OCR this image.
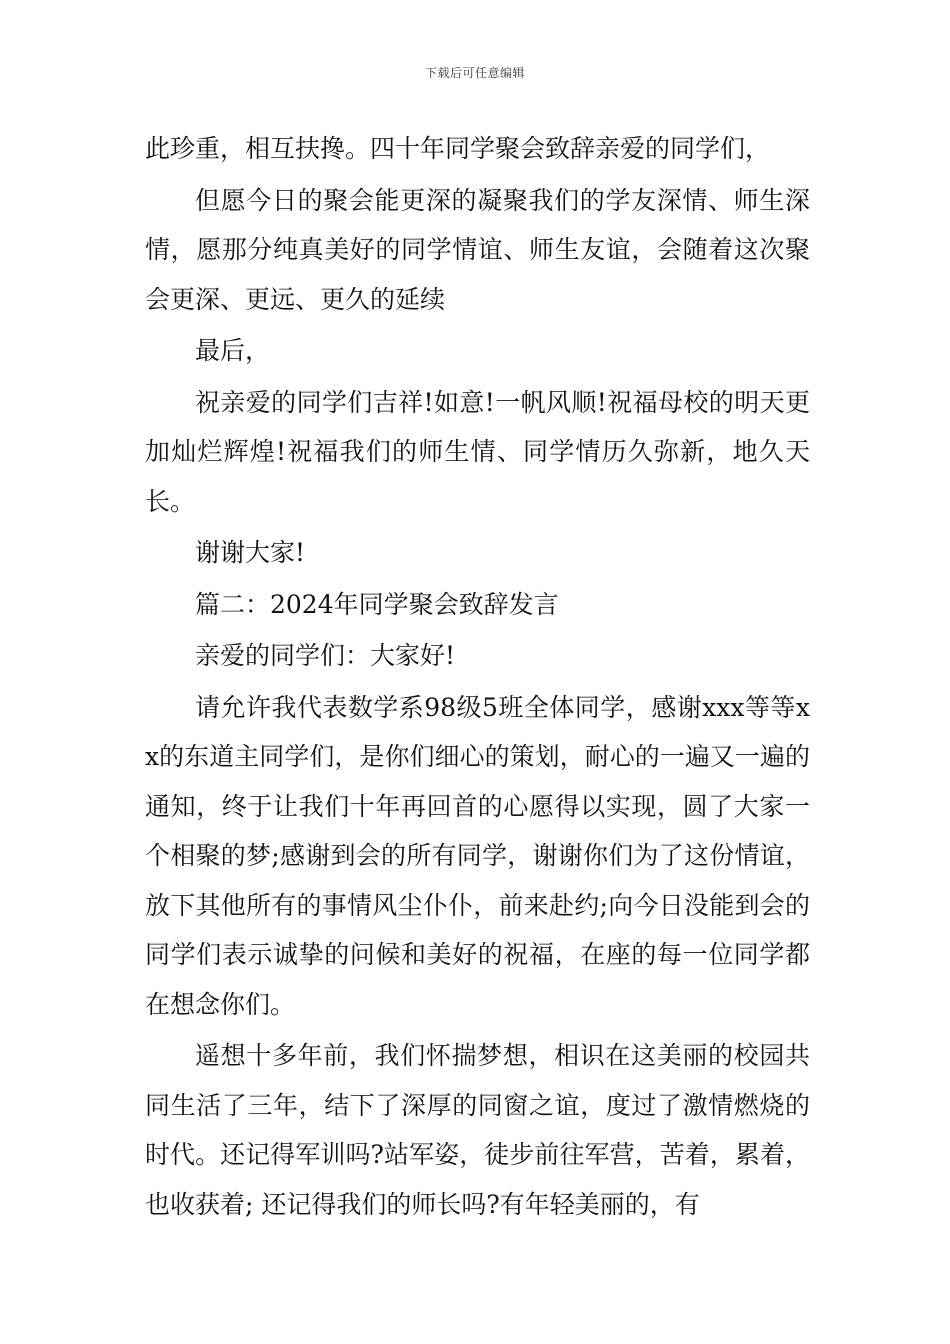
下载后可任意编辑

此珍重，相互扶搀。四十年同学聚会致辞亲爱的同学们，

但愿今日的聚会能更深的凝聚我们的学友深情、师生深情，愿那分纯真美好的同学情谊、师生友谊，会随着这次聚会更深、更远、更久的延续

最后，

祝亲爱的同学们吉祥!如意!一帆风顺!祝福母校的明天更加灿烂辉煌!祝福我们的师生情、同学情历久弥新，地久天长。

谢谢大家!

篇二：2024年同学聚会致辞发言

亲爱的同学们：大家好!

请允许我代表数学系98级5班全体同学，感谢xxx等等xx的东道主同学们，是你们细心的策划，耐心的一遍又一遍的通知，终于让我们十年再回首的心愿得以实现，圆了大家一个相聚的梦;感谢到会的所有同学，谢谢你们为了这份情谊，放下其他所有的事情风尘仆仆，前来赴约;向今日没能到会的同学们表示诚挚的问候和美好的祝福，在座的每一位同学都在想念你们。

遥想十多年前，我们怀揣梦想，相识在这美丽的校园共同生活了三年，结下了深厚的同窗之谊，度过了激情燃烧的时代。还记得军训吗?站军姿，徒步前往军营，苦着，累着，也收获着; 还记得我们的师长吗?有年轻美丽的，有
